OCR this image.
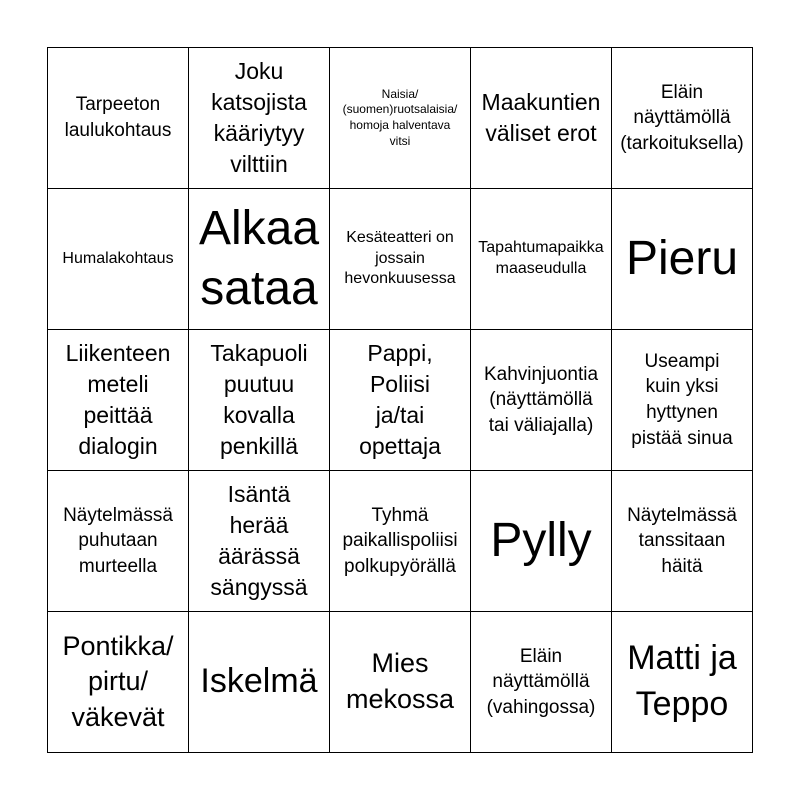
Tarpeeton
laulukohtaus
Joku
katsojista
kääriytyy
vilttiin
Naisia/
(suomen)ruotsalaisia/
homoja halventava
vitsi
Maakuntien
väliset erot
Eläin
näyttämöllä
(tarkoituksella)
Humalakohtaus
Alkaa
sataa
Kesäteatteri on
jossain
hevonkuusessa
Tapahtumapaikka
maaseudulla Pieru
Liikenteen
meteli
peittää
dialogin
Takapuoli
puutuu
kovalla
penkillä
Pappi,
Poliisi
ja/tai
opettaja
Kahvinjuontia
(näyttämöllä
tai väliajalla)
Useampi
kuin yksi
hyttynen
pistää sinua
Näytelmässä
puhutaan
murteella
Isäntä
herää
äärässä
sängyssä
Tyhmä
paikallispoliisi
polkupyörällä Pylly Näytelmässä
tanssitaan
häitä
Pontikka/
pirtu/
väkevät
Iskelmä	Mies
mekossa
Eläin
näyttämöllä
(vahingossa)
Matti ja
Teppo
